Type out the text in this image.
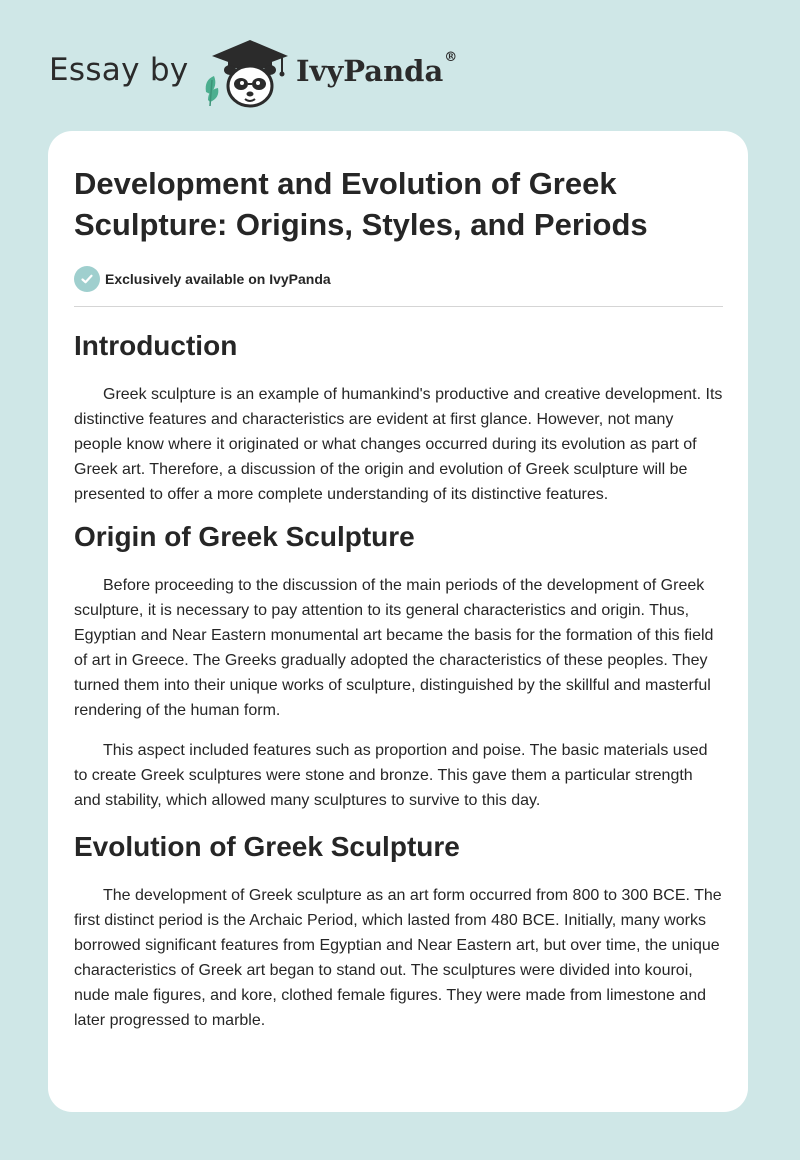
Essay by	IvyPanda®
Development and Evolution of Greek Sculpture: Origins, Styles, and Periods
Exclusively available on IvyPanda
Introduction

Greek sculpture is an example of humankind's productive and creative development. Its distinctive features and characteristics are evident at first glance. However, not many people know where it originated or what changes occurred during its evolution as part of Greek art. Therefore, a discussion of the origin and evolution of Greek sculpture will be presented to offer a more complete understanding of its distinctive features.

Origin of Greek Sculpture

Before proceeding to the discussion of the main periods of the development of Greek sculpture, it is necessary to pay attention to its general characteristics and origin. Thus, Egyptian and Near Eastern monumental art became the basis for the formation of this field of art in Greece. The Greeks gradually adopted the characteristics of these peoples. They turned them into their unique works of sculpture, distinguished by the skillful and masterful rendering of the human form.

This aspect included features such as proportion and poise. The basic materials used to create Greek sculptures were stone and bronze. This gave them a particular strength and stability, which allowed many sculptures to survive to this day.

Evolution of Greek Sculpture

The development of Greek sculpture as an art form occurred from 800 to 300 BCE. The first distinct period is the Archaic Period, which lasted from 480 BCE. Initially, many works borrowed significant features from Egyptian and Near Eastern art, but over time, the unique characteristics of Greek art began to stand out. The sculptures were divided into kouroi, nude male figures, and kore, clothed female figures. They were made from limestone and later progressed to marble.
